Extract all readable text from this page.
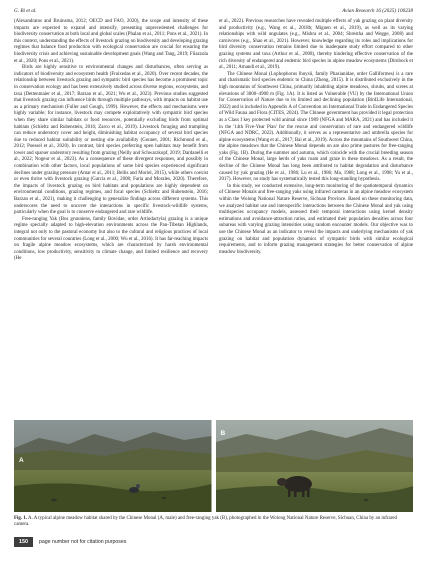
G. Bi et al.	Avian Research 16 (2025) 100238

(Alexandratos and Bruinsma, 2012; OECD and FAO, 2020), the scope and intensity of these impacts are expected to expand and intensify, presenting unprecedented challenges for biodiversity conservation at both local and global scales (Phalan et al., 2011; Pons et al., 2021). In this context, understanding the effects of livestock grazing on biodiversity and developing grazing regimes that balance food production with ecological conservation are crucial for ensuring the biodiversity crisis and achieving sustainable development goals (Wang and Tang, 2019; Filazzola et al., 2020; Pons et al., 2021).

Birds are highly sensitive to environmental changes and disturbances, often serving as indicators of biodiversity and ecosystem health (Fraixedas et al., 2020). Over recent decades, the relationship between livestock grazing and sympatric bird species has become a prominent topic in conservation ecology and has been extensively studied across diverse regions, ecosystems, and taxa (Dettenmaier et al., 2017; Barzan et al., 2021; Wu et al., 2023). Previous studies suggested that livestock grazing can influence birds through multiple pathways, with impacts on habitat use as a primary mechanism (Fuller and Gough, 1999). However, the effects and mechanisms were highly variable; for instance, livestock may compete exploitatively with sympatric bird species when they share similar habitats or food resources, potentially excluding birds from optimal habitats (Schieltz and Rubenstein, 2016; Zarco et al., 2019). Livestock foraging and trampling can reduce understory cover and height, diminishing habitat occupancy of several bird species due to reduced habitat suitability or nesting site availability (Gonnet, 2001; Richmond et al., 2012; Poessel et al., 2020). In contrast, bird species preferring open habitats may benefit from lower and sparser understory resulting from grazing (Neilly and Schwarzkopf, 2019; Dardanelli et al., 2022; Nogeur et al., 2023). As a consequence of these divergent responses, and possibly in combination with other factors, local populations of some bird species experienced significant declines under grazing pressure (Amar et al., 2011; Bellis and Moriel, 2015), while others coexist or even thrive with livestock grazing (Garcia et al., 2008; Faria and Morales, 2020). Therefore, the impacts of livestock grazing on bird habitats and populations are highly dependent on environmental conditions, grazing regimes, and focal species (Schieltz and Rubenstein, 2016; Barzan et al., 2021), making it challenging to generalize findings across different systems. This underscores the need to uncover the interactions in specific livestock-wildlife systems, particularly when the goal is to conserve endangered and rare wildlife.

Free-ranging Yak (Bos grunniens, family Bovidae, order Artiodactyla) grazing is a unique regime specially adapted to high-elevation environments across the Pan-Tibetan Highlands, integral not only to the pastoral economy but also to the cultural and religious practices of local communities for several countries (Long et al., 2000; Wu et al., 2016). It has far-reaching impacts on fragile alpine meadow ecosystems, which are characterized by harsh environmental conditions, low productivity, sensitivity to climate change, and limited resilience and recovery (He

et al., 2022). Previous researches have revealed multiple effects of yak grazing on plant diversity and productivity (e.g., Wang et al., 2018b; Miguen et al., 2019), as well as its varying relationships with wild ungulates (e.g., Mishra et al., 2004; Shrestha and Wegge, 2008) and carnivores (e.g., Shao et al., 2021). However, knowledge regarding its roles and implications for bird diversity conservation remains limited due to inadequate study effort compared to other grazing systems and taxa (Arthur et al., 2008), thereby hindering effective conservation of the rich diversity of endangered and endemic bird species in alpine meadow ecosystems (Dirnbock et al., 2011; Amandi et al., 2019).

The Chinese Monal (Lophophorus lhuysii, family Phasianidae, order Galliformes) is a rare and charismatic bird species endemic to China (Zheng, 2015). It is distributed exclusively in the high mountains of Southwest China, primarily inhabiting alpine meadows, shrubs, and screes at elevations of 3000–4900 m (Fig. 1A). It is listed as Vulnerable (VU) by the International Union for Conservation of Nature due to its limited and declining population (BirdLife International, 2022) and is included in Appendix A of Convention on International Trade in Endangered Species of Wild Fauna and Flora (CITES, 2024). The Chinese government has provided it legal protection as a Class I key protected wild animal since 1989 (NFGA and MARA, 2021) and has included it in the '14th Five-Year Plan' for the rescue and conservation of rare and endangered wildlife (NFGA and NDRC, 2022). Additionally, it serves as a representative and umbrella species for alpine ecosystems (Wang et al., 2017; Bai et al., 2019). Across the mountains of Southwest China, the alpine meadows that the Chinese Monal depends on are also prime pastures for free-ranging yaks (Fig. 1B). During the summer and autumn, which coincide with the crucial breeding season of the Chinese Monal, large herds of yaks roam and graze in these meadows. As a result, the decline of the Chinese Monal has long been attributed to habitat degradation and disturbance caused by yak grazing (He et al., 1986; Lu et al., 1986; Ma, 1988; Long et al., 1998; Yu et al., 2017). However, no study has systematically tested this long-standing hypothesis.

In this study, we conducted extensive, long-term monitoring of the spatiotemporal dynamics of Chinese Monals and free-ranging yaks using infrared cameras in an alpine meadow ecosystem within the Wolong National Nature Reserve, Sichuan Province. Based on these monitoring data, we analyzed habitat use and interspecific interactions between the Chinese Monal and yak using multispecies occupancy models, assessed their temporal interactions using kernel density estimations and avoidance-attraction ratios, and estimated their population densities across four subareas with varying grazing intensities using random encounter models. Our objective was to use the Chinese Monal as an indicator to reveal the impacts and underlying mechanisms of yak grazing on habitat and population dynamics of sympatric birds with similar ecological requirements, and to inform grazing management strategies for better conservation of alpine meadow biodiversity.

A
B
Fig. 1. A. A typical alpine meadow habitat shared by the Chinese Monal (A, male) and free-ranging yak (B), photographed in the Wolong National Nature Reserve, Sichuan, China by an infrared camera.
150	page number not for citation purposes
